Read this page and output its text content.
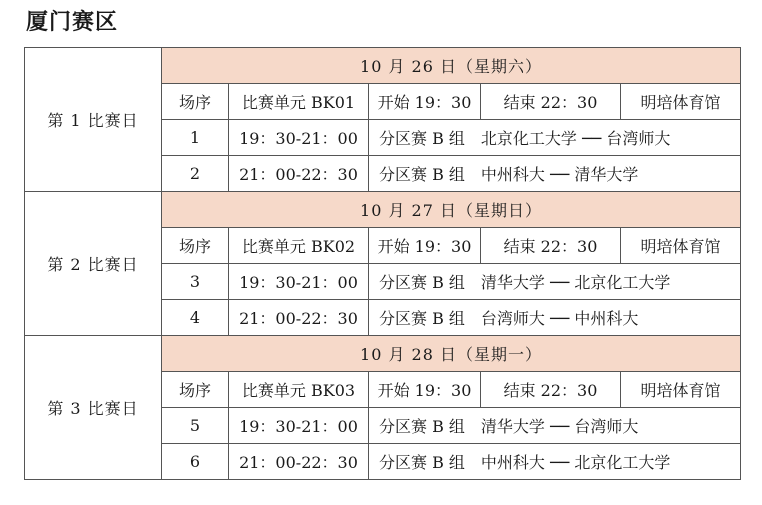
厦门赛区
第 1 比赛日	10 月 26 日（星期六）				
	场序	比赛单元 BK01	开始 19：30	结束 22：30	明培体育馆
	1	19：30-21：00	分区赛 B 组　北京化工大学 ── 台湾师大		
	2	21：00-22：30	分区赛 B 组　中州科大 ── 清华大学		
第 2 比赛日	10 月 27 日（星期日）				
	场序	比赛单元 BK02	开始 19：30	结束 22：30	明培体育馆
	3	19：30-21：00	分区赛 B 组　清华大学 ── 北京化工大学		
	4	21：00-22：30	分区赛 B 组　台湾师大 ── 中州科大		
第 3 比赛日	10 月 28 日（星期一）				
	场序	比赛单元 BK03	开始 19：30	结束 22：30	明培体育馆
	5	19：30-21：00	分区赛 B 组　清华大学 ── 台湾师大		
	6	21：00-22：30	分区赛 B 组　中州科大 ── 北京化工大学		
